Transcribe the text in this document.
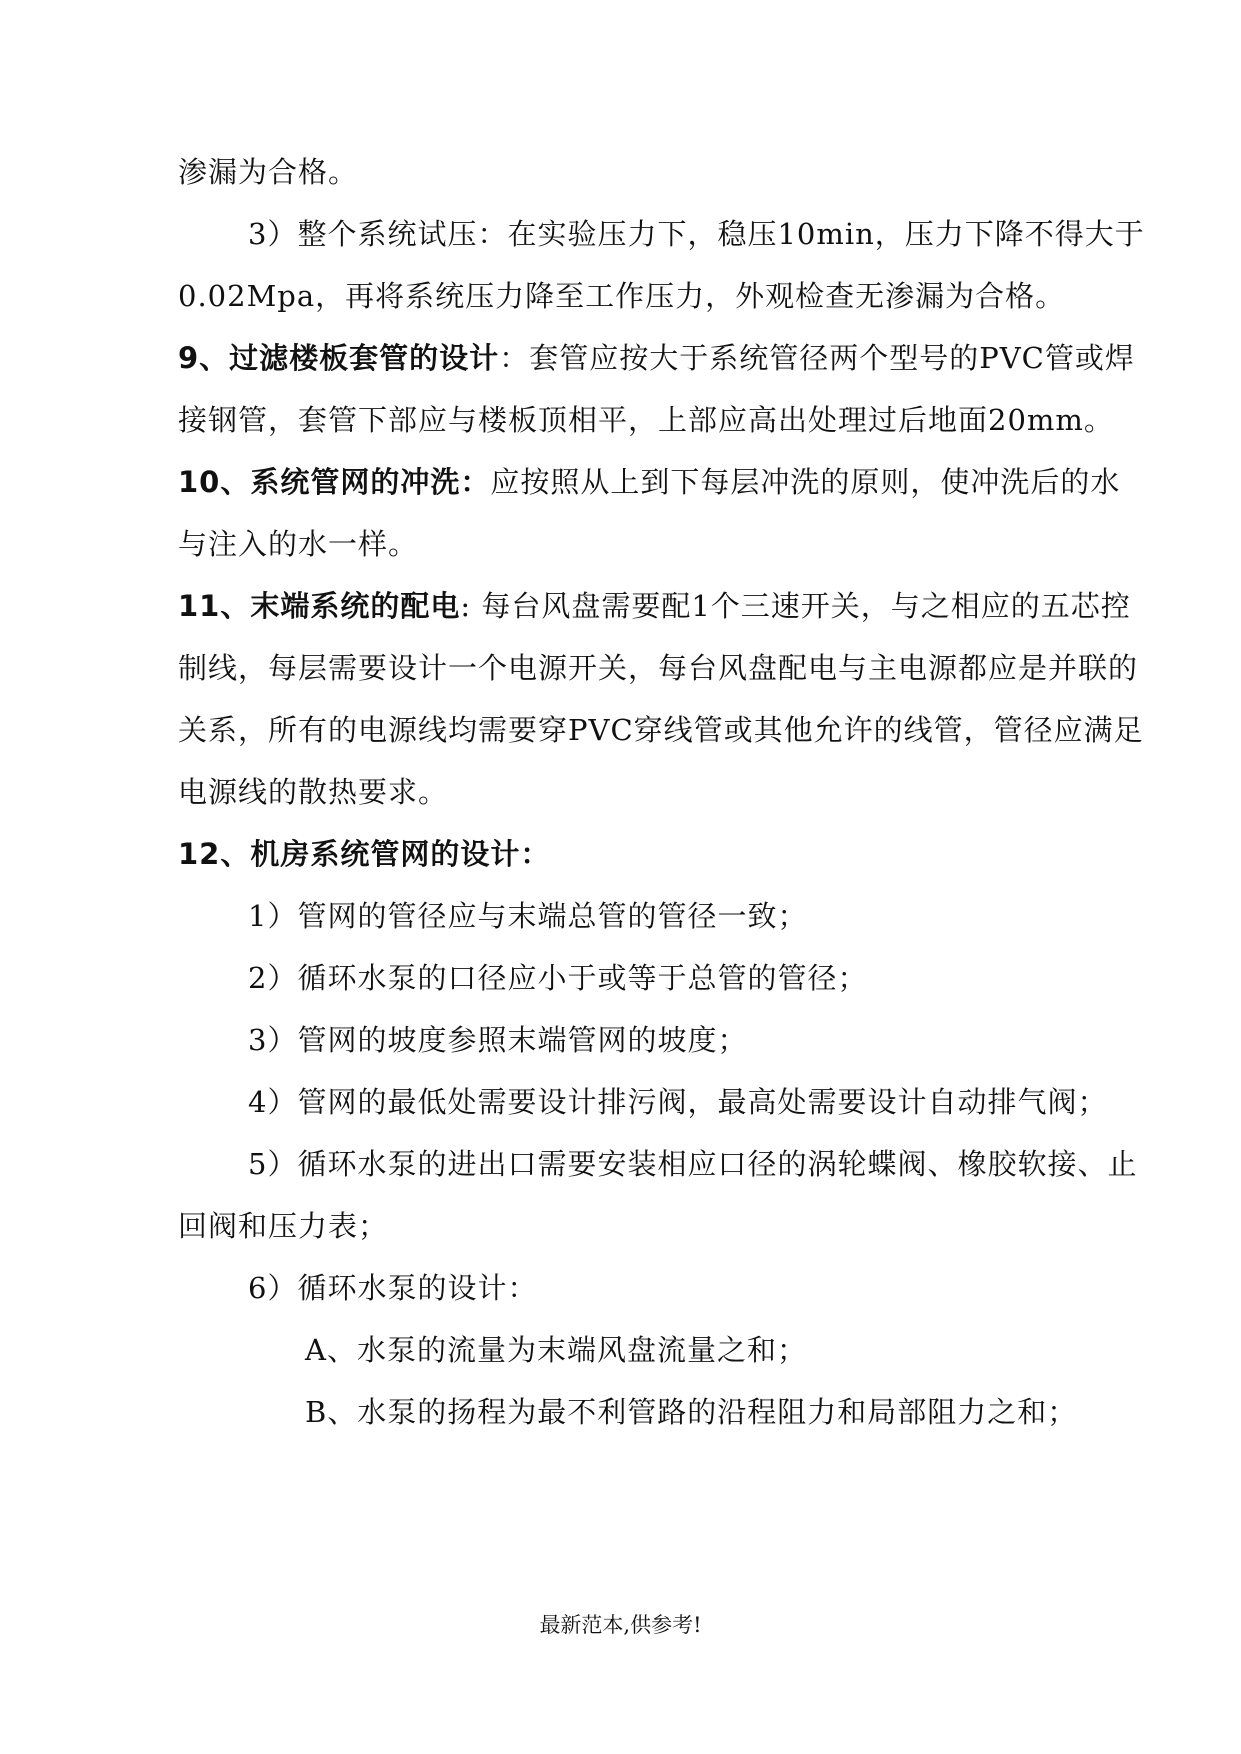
渗漏为合格。
3）整个系统试压：在实验压力下，稳压10min，压力下降不得大于
0.02Mpa，再将系统压力降至工作压力，外观检查无渗漏为合格。
9、过滤楼板套管的设计：套管应按大于系统管径两个型号的PVC管或焊
接钢管，套管下部应与楼板顶相平，上部应高出处理过后地面20mm。
10、系统管网的冲洗：应按照从上到下每层冲洗的原则，使冲洗后的水
与注入的水一样。
11、末端系统的配电: 每台风盘需要配1个三速开关，与之相应的五芯控
制线，每层需要设计一个电源开关，每台风盘配电与主电源都应是并联的
关系，所有的电源线均需要穿PVC穿线管或其他允许的线管，管径应满足
电源线的散热要求。
12、机房系统管网的设计：
1）管网的管径应与末端总管的管径一致；
2）循环水泵的口径应小于或等于总管的管径；
3）管网的坡度参照末端管网的坡度；
4）管网的最低处需要设计排污阀，最高处需要设计自动排气阀；
5）循环水泵的进出口需要安装相应口径的涡轮蝶阀、橡胶软接、止
回阀和压力表；
6）循环水泵的设计：
A、水泵的流量为末端风盘流量之和；
B、水泵的扬程为最不利管路的沿程阻力和局部阻力之和；
最新范本,供参考!
